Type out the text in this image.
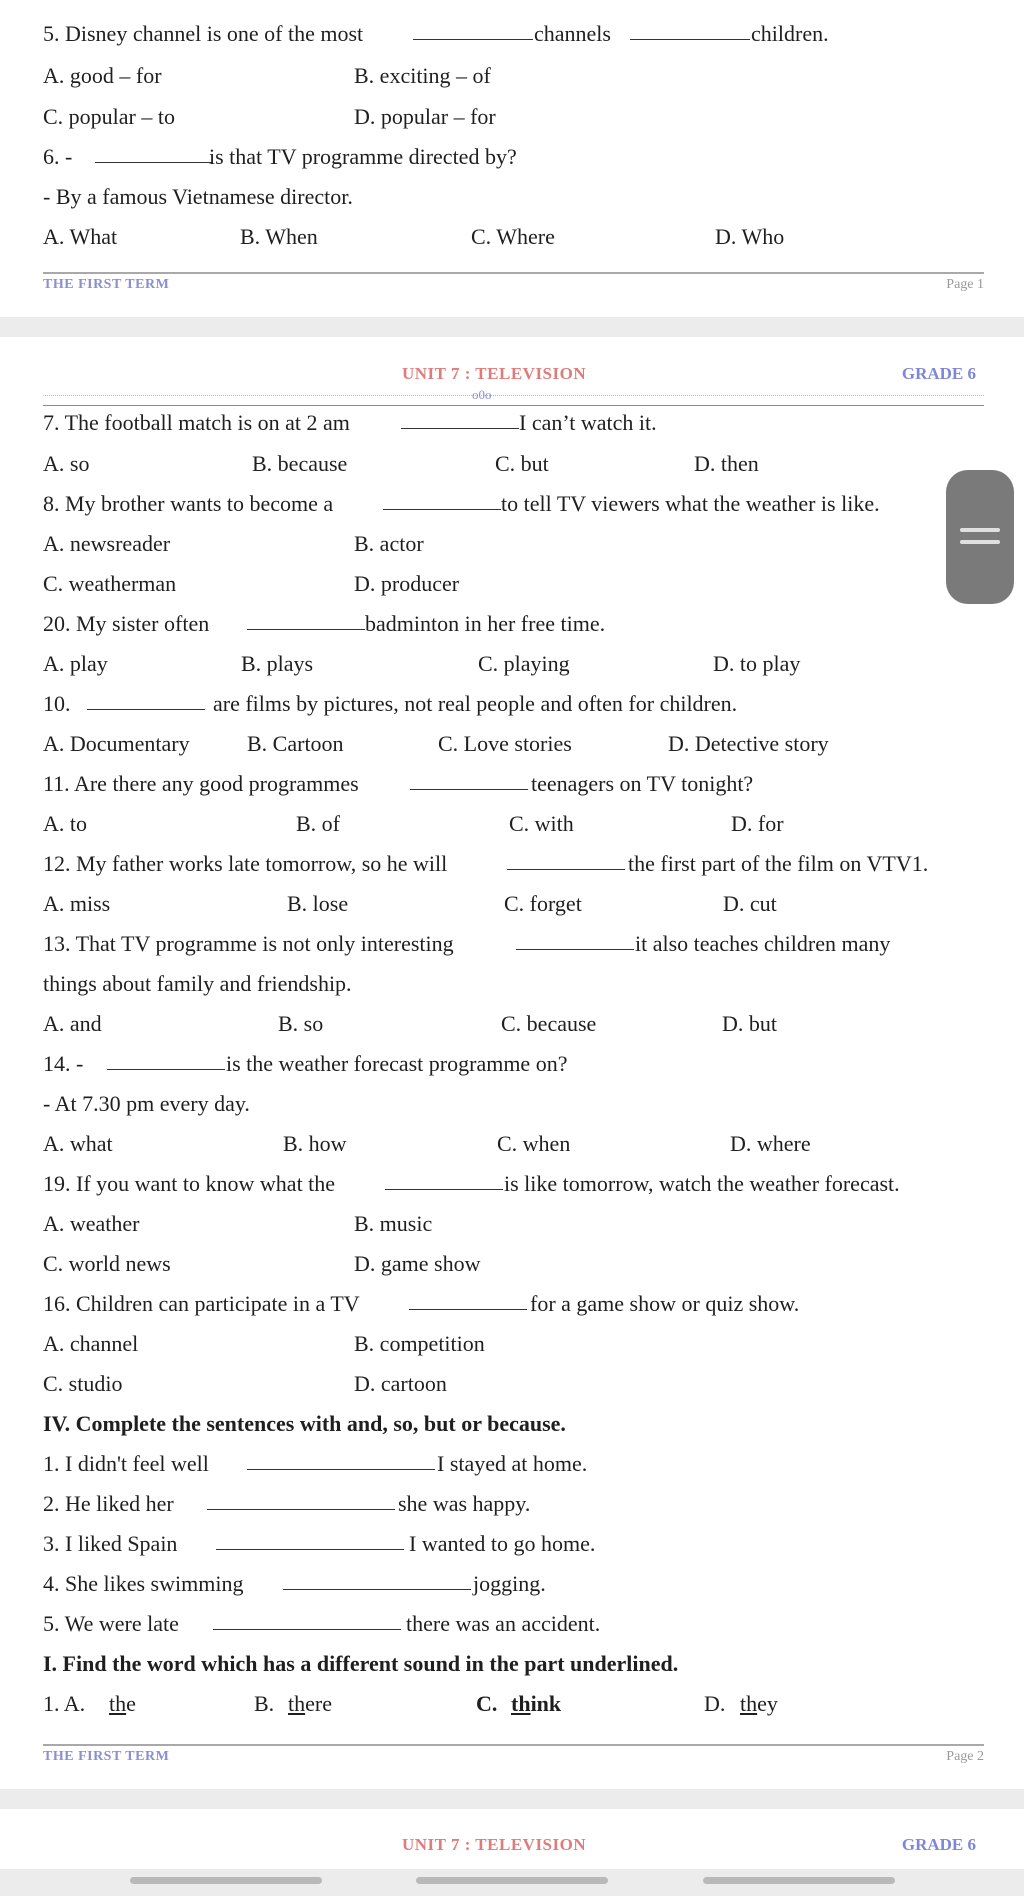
5. Disney channel is one of the most	channels	children.
A. good – for	B. exciting – of
C. popular – to	D. popular – for
6. -	is that TV programme directed by?
- By a famous Vietnamese director.
A. What	B. When	C. Where	D. Who
THE FIRST TERM	Page 1
UNIT 7 : TELEVISION	GRADE 6
o0o
7. The football match is on at 2 am	I can’t watch it.
A. so	B. because	C. but	D. then
8. My brother wants to become a	to tell TV viewers what the weather is like.
A. newsreader	B. actor
C. weatherman	D. producer
20. My sister often	badminton in her free time.
A. play	B. plays	C. playing	D. to play
10.	are films by pictures, not real people and often for children.
A. Documentary	B. Cartoon	C. Love stories	D. Detective story
11. Are there any good programmes	teenagers on TV tonight?
A. to	B. of	C. with	D. for
12. My father works late tomorrow, so he will	the first part of the film on VTV1.
A. miss	B. lose	C. forget	D. cut
13. That TV programme is not only interesting	it also teaches children many
things about family and friendship.
A. and	B. so	C. because	D. but
14. -	is the weather forecast programme on?
- At 7.30 pm every day.
A. what	B. how	C. when	D. where
19. If you want to know what the	is like tomorrow, watch the weather forecast.
A. weather	B. music
C. world news	D. game show
16. Children can participate in a TV	for a game show or quiz show.
A. channel	B. competition
C. studio	D. cartoon
IV. Complete the sentences with and, so, but or because.
1. I didn't feel well	I stayed at home.
2. He liked her	she was happy.
3. I liked Spain	I wanted to go home.
4. She likes swimming	jogging.
5. We were late	there was an accident.
I. Find the word which has a different sound in the part underlined.
1. A. the	B. there	C. think	D. they
THE FIRST TERM	Page 2
UNIT 7 : TELEVISION	GRADE 6
